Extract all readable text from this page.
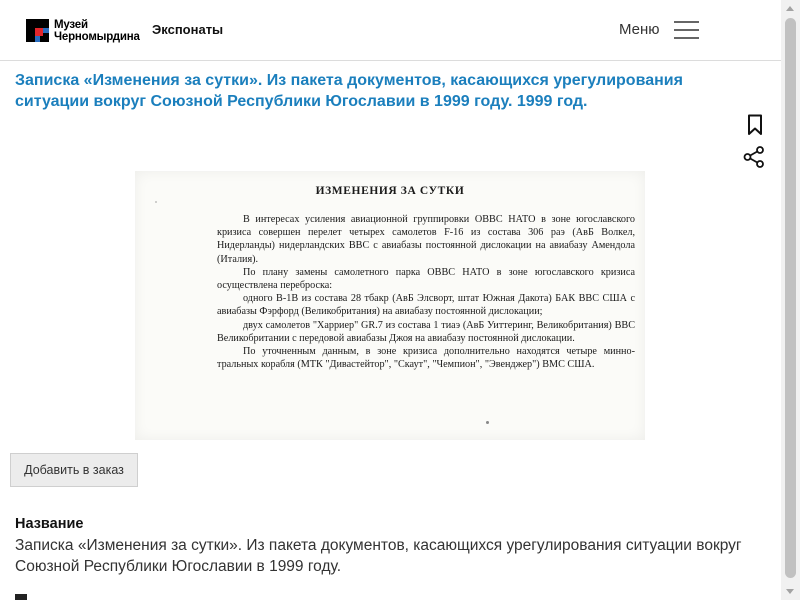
Музей
Черномырдина Экспонаты	Меню
Записка «Изменения за сутки». Из пакета документов, касающихся урегулирования ситуации вокруг Союзной Республики Югославии в 1999 году. 1999 год.
ИЗМЕНЕНИЯ ЗА СУТКИ

В интересах усиления авиационной группировки ОВВС НАТО в зоне югославского кризиса совершен перелет четырех самолетов F-16 из состава 306 раэ (АвБ Волкел, Нидерланды) нидерландских ВВС с авиабазы постоянной дислокации на авиабазу Амендола (Италия).

По плану замены самолетного парка ОВВС НАТО в зоне югославского кризиса осуществлена переброска:

одного В-1В из состава 28 тбакр (АвБ Элсворт, штат Южная Дакота) БАК ВВС США с авиабазы Фэрфорд (Великобритания) на авиабазу постоянной дислокации;

двух самолетов "Харриер" GR.7 из состава 1 тиаэ (АвБ Уиттеринг, Великобритания) ВВС Великобритании с передовой авиабазы Джоя на авиабазу постоянной дислокации.

По уточненным данным, в зоне кризиса дополнительно находятся четыре минно-тральных корабля (МТК "Дивастейтор", "Скаут", "Чемпион", "Эвенджер") ВМС США.

Добавить в заказ
Название
Записка «Изменения за сутки». Из пакета документов, касающихся урегулирования ситуации вокруг Союзной Республики Югославии в 1999 году.
